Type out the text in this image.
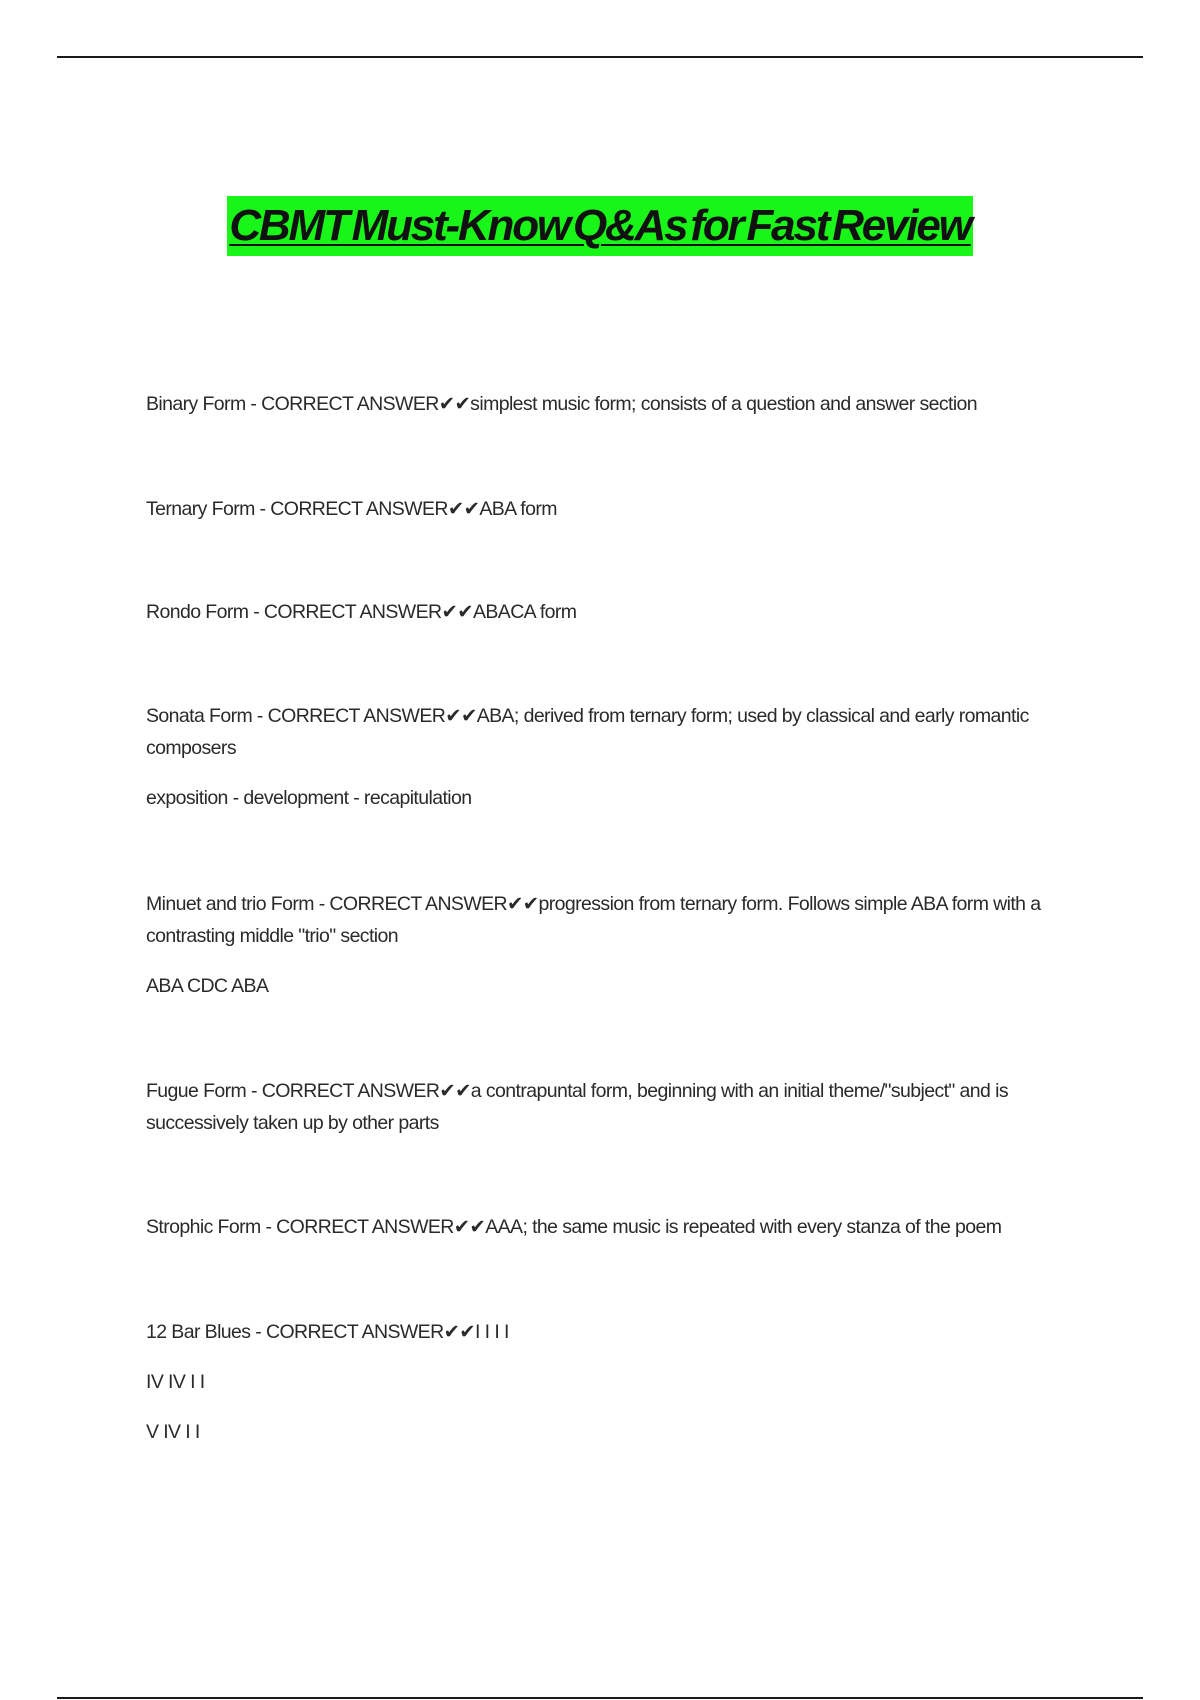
CBMT Must-Know Q&As for Fast Review

Binary Form - CORRECT ANSWER✔✔simplest music form; consists of a question and answer section

Ternary Form - CORRECT ANSWER✔✔ABA form

Rondo Form - CORRECT ANSWER✔✔ABACA form

Sonata Form - CORRECT ANSWER✔✔ABA; derived from ternary form; used by classical and early romantic composers

exposition - development - recapitulation

Minuet and trio Form - CORRECT ANSWER✔✔progression from ternary form. Follows simple ABA form with a contrasting middle "trio" section

ABA CDC ABA

Fugue Form - CORRECT ANSWER✔✔a contrapuntal form, beginning with an initial theme/"subject" and is successively taken up by other parts

Strophic Form - CORRECT ANSWER✔✔AAA; the same music is repeated with every stanza of the poem

12 Bar Blues - CORRECT ANSWER✔✔I I I I

IV IV I I

V IV I I
